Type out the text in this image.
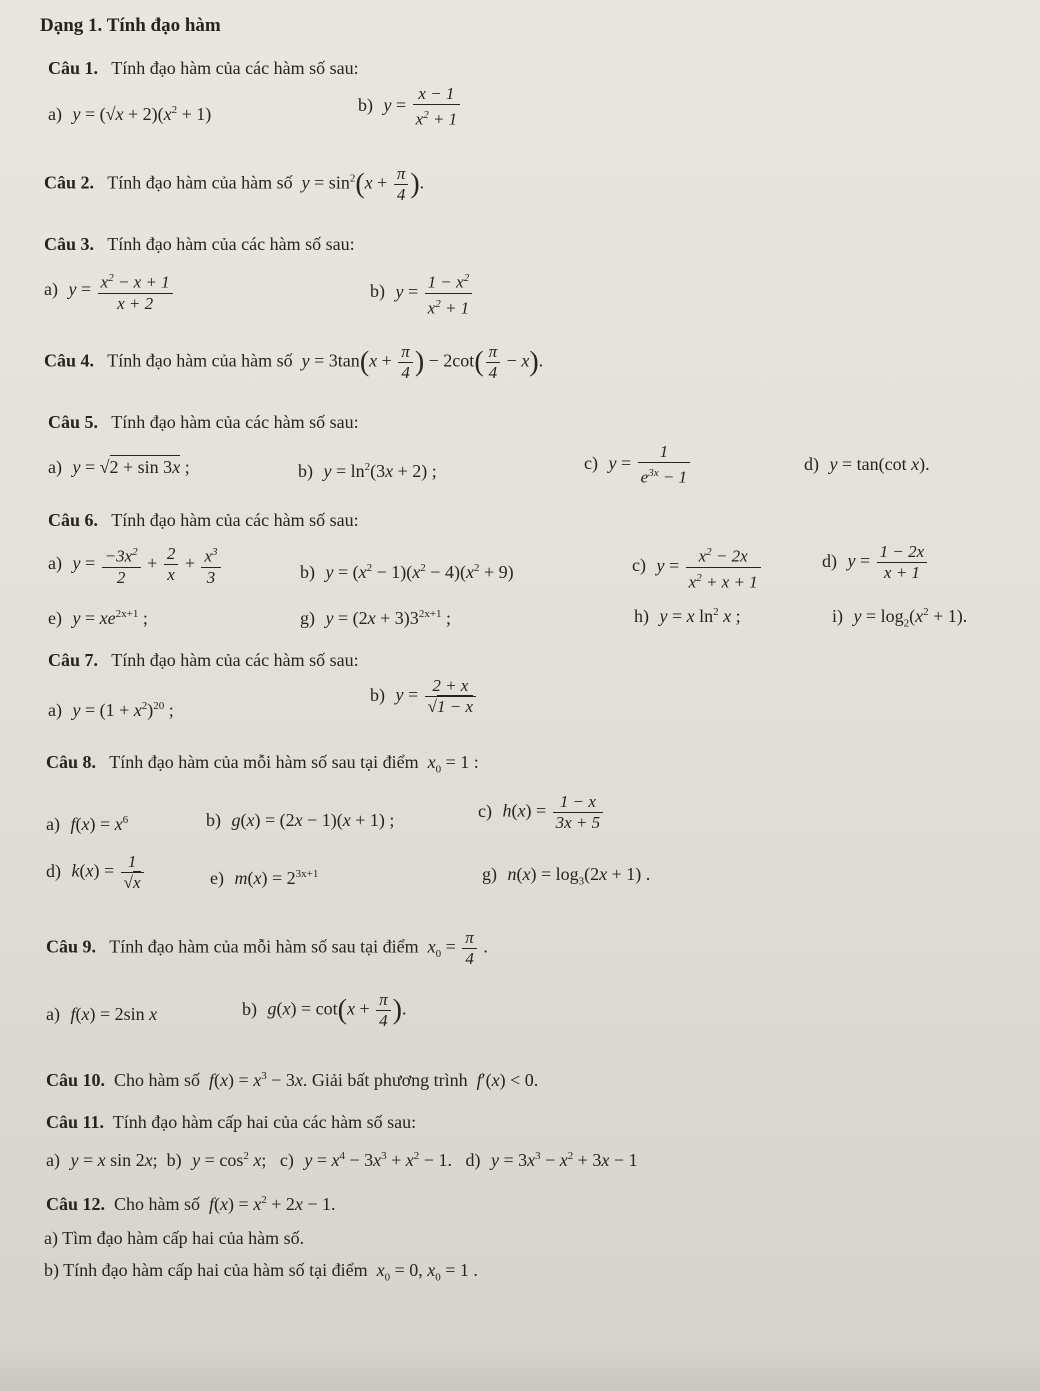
Dạng 1. Tính đạo hàm
Câu 1. Tính đạo hàm của các hàm số sau:
a) $y = (√x + 2)(x^2 + 1)$	b) $y = \frac{x - 1}{x^2 + 1}$
Câu 2. Tính đạo hàm của hàm số $y = \sin^2(x + \frac{\pi}{4}$ ).
Câu 3. Tính đạo hàm của các hàm số sau:
a) $y = \frac{x^2 - x + 1}{x + 2}$	b) $y = \frac{1 - x^2}{x^2 + 1}$
Câu 4. Tính đạo hàm của hàm số $y = 3\tan(x + \frac{\pi}{4}$ ) − $2\cot( \frac{\pi}{4} - x)$.
Câu 5. Tính đạo hàm của các hàm số sau:
a) y = √2 + sin 3x ;	b) $y = \ln^2(3x + 2)$ ;	c) $y = \frac{1}{e^{3x} - 1}$	d) y = tan(cot x).
Câu 6. Tính đạo hàm của các hàm số sau:
a) $y = \frac{-3x^2}{2} + \frac{2}{x} + \frac{x^3}{3}$	b) $y = (x^2 - 1)(x^2 - 4)(x^2 + 9)$	c) $y = \frac{x^2 - 2x}{x^2 + x + 1}$	d) $y = \frac{1 - 2x}{x + 1}$
e) $y = xe^{2x+1}$ ;	g) $y = (2x + 3)3^{2x+1}$ ;	h) y = x $\ln^2 x$ ;	i) $y = \log_2(x^2 + 1)$.
Câu 7. Tính đạo hàm của các hàm số sau:
a) $y = (1 + x^2)^{20}$ ;
b) $y = \frac{2 + x}{√1 - x}$
Câu 8. Tính đạo hàm của mỗi hàm số sau tại điểm $x_0 = 1$ :
a) $f(x) = x^6$	b) g(x) = (2x − 1)(x + 1) ;	c) $h(x) = \frac{1 - x}{3x + 5}$
d) $k(x) = \frac{1}{√x}$	e) $m(x) = 2^{3x+1}$	g) $n(x) = \log_3(2x + 1)$ .
Câu 9. Tính đạo hàm của mỗi hàm số sau tại điểm $x_0 = \frac{\pi}{4}$ .
a) f(x) = 2sin x	b) $g(x) = \cot(x + \frac{\pi}{4}$ ).
Câu 10. Cho hàm số $f(x) = x^3 - 3x$. Giải bất phương trình f′(x) < 0.
Câu 11. Tính đạo hàm cấp hai của các hàm số sau:
a) y = x sin 2x;  b) $y = \cos^2 x$;   c) $y = x^4 - 3x^3 + x^2 - 1$.   d) $y = 3x^3 - x^2 + 3x - 1$
Câu 12. Cho hàm số $f(x) = x^2 + 2x - 1$.
a) Tìm đạo hàm cấp hai của hàm số.
b) Tính đạo hàm cấp hai của hàm số tại điểm $x_0 = 0$, $x_0 = 1$ .
